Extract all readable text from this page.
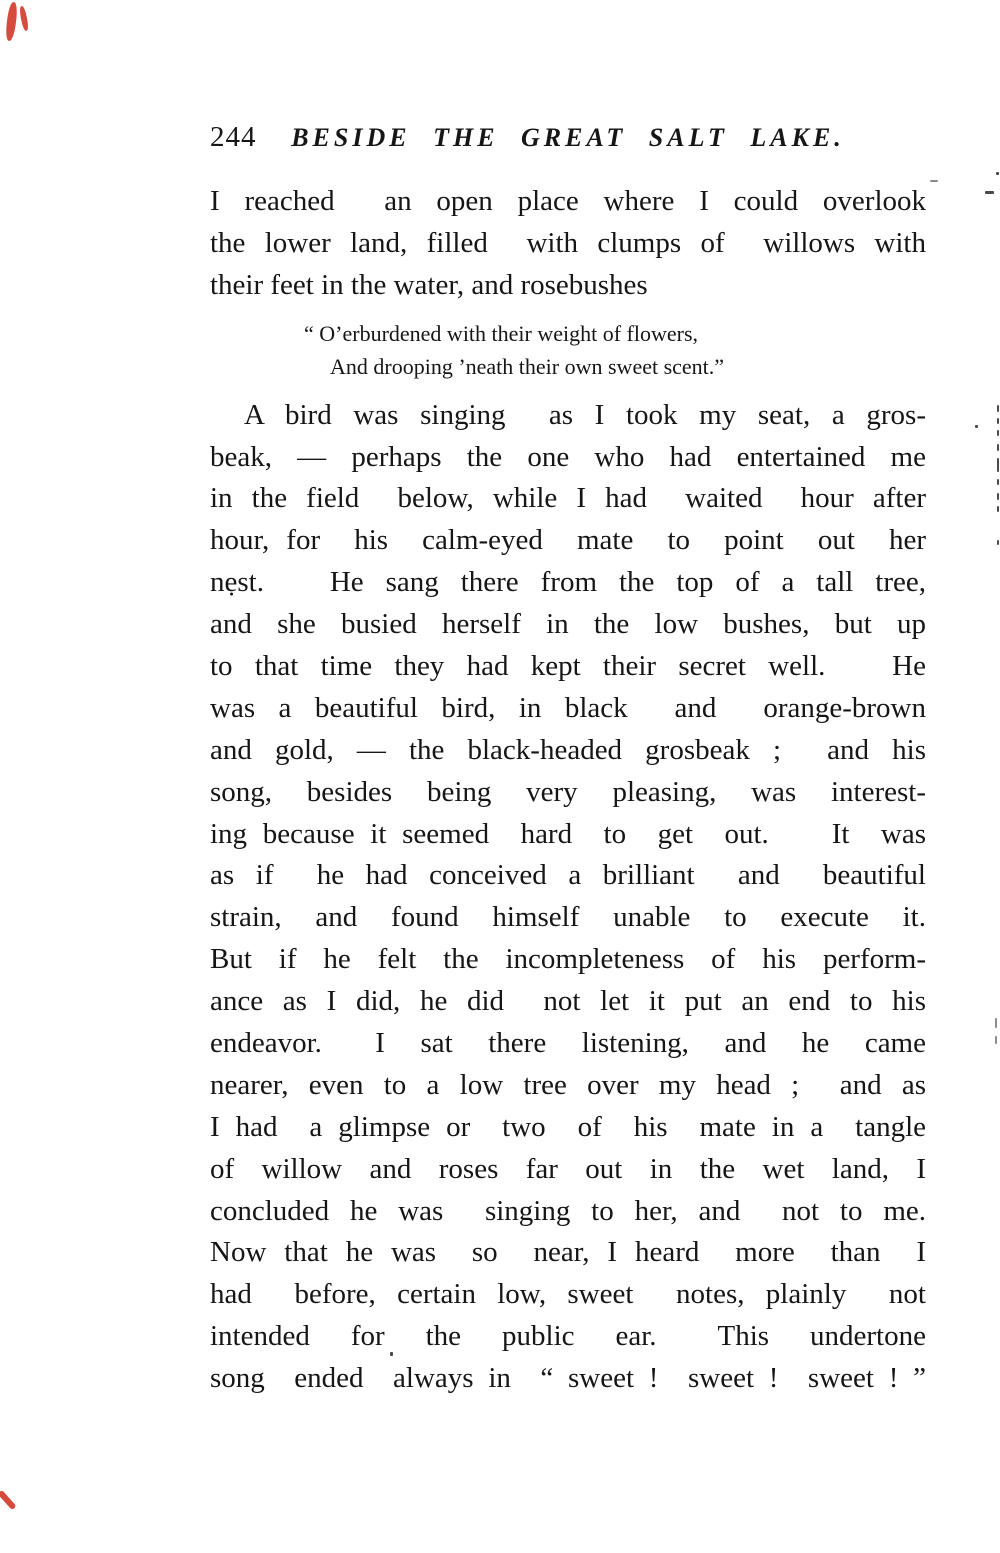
244	BESIDE THE GREAT SALT LAKE.
I reached  an open place where I could overlook
the lower land, filled  with clumps of  willows with
their feet in the water, and rosebushes
“ O’erburdened with their weight of flowers,
And drooping ’neath their own sweet scent.”
A bird was singing  as I took my seat, a gros-
beak, — perhaps the one who had entertained me
in the field  below, while I had  waited  hour after
hour, for  his  calm-eyed  mate  to  point  out  her
nẹst.   He sang there from the top of a tall tree,
and she busied herself in the low bushes, but up
to that time they had kept their secret well.   He
was a beautiful bird, in black  and  orange-brown
and gold, — the black-headed grosbeak ;  and his
song,  besides  being  very  pleasing,  was  interest-
ing because it seemed  hard  to  get  out.    It  was
as if  he had conceived a brilliant  and  beautiful
strain,  and  found  himself  unable  to  execute  it.
But if he felt the incompleteness of his perform-
ance as I did, he did  not let it put an end to his
endeavor.   I  sat  there  listening,  and  he  came
nearer, even to a low tree over my head ;  and as
I had  a glimpse or  two  of  his  mate in a  tangle
of  willow  and  roses  far  out  in  the  wet  land,  I
concluded he was  singing to her, and  not to me.
Now that he was  so  near, I heard  more  than  I
had  before, certain low, sweet  notes, plainly  not
intended  for  the  public  ear.   This  undertone
song  ended  always in  “ sweet !  sweet !  sweet ! ”
